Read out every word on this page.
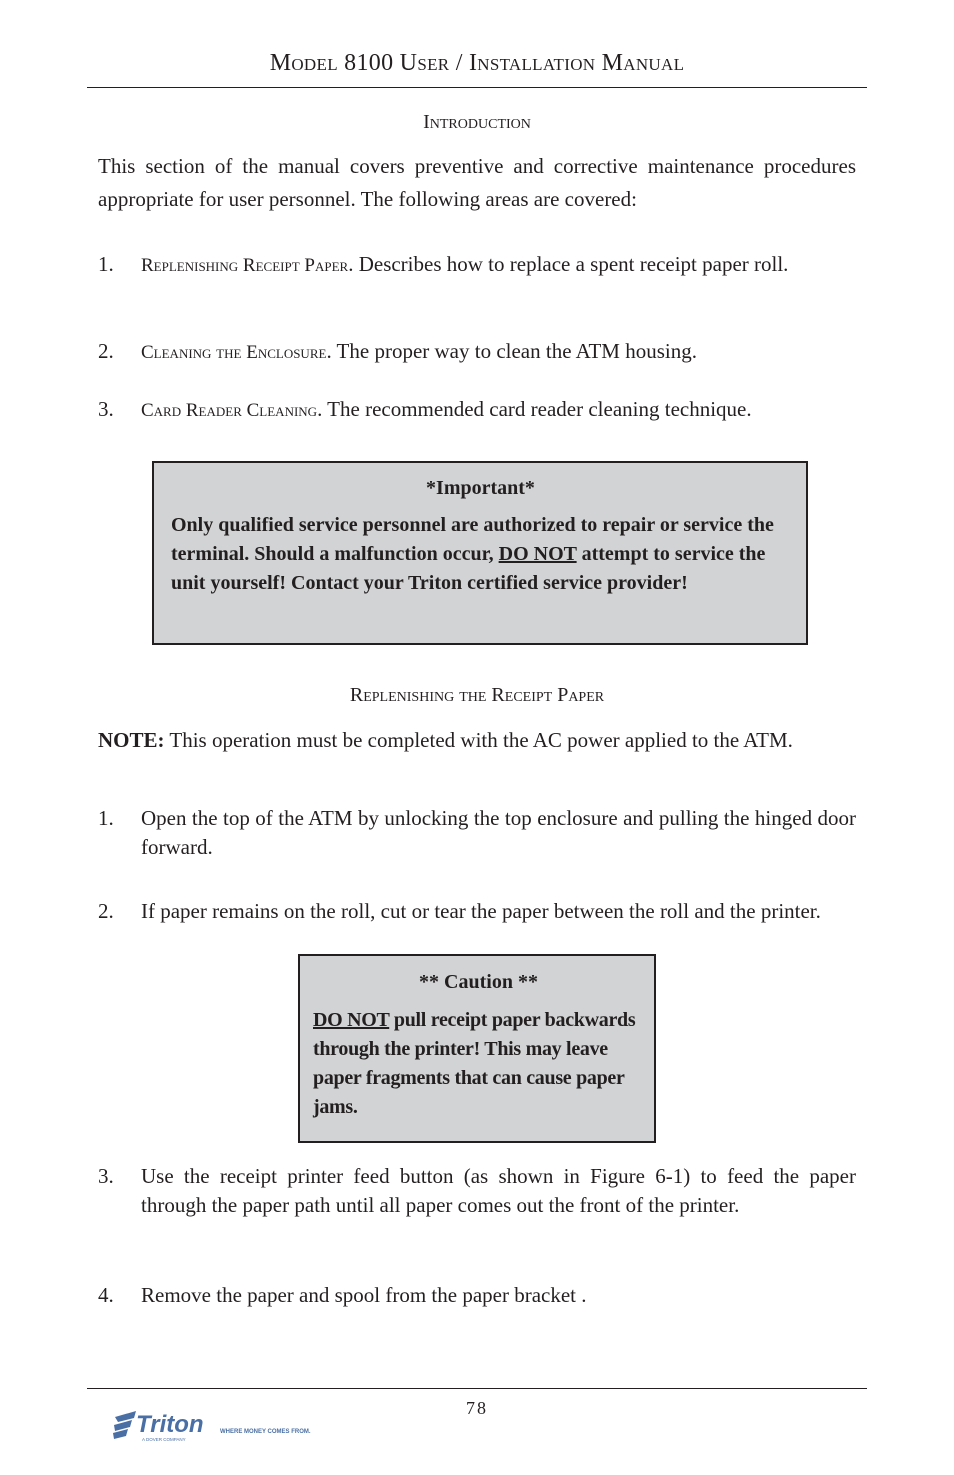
Model 8100 User / Installation Manual
Introduction
This section of the manual covers preventive and corrective maintenance procedures appropriate for user personnel. The following areas are covered:
1. Replenishing Receipt Paper. Describes how to replace a spent receipt paper roll.
2. Cleaning the Enclosure. The proper way to clean the ATM housing.
3. Card Reader Cleaning. The recommended card reader cleaning technique.
*Important*
Only qualified service personnel are authorized to repair or service the terminal. Should a malfunction occur, DO NOT attempt to service the unit yourself! Contact your Triton certified service provider!
Replenishing the Receipt Paper
NOTE: This operation must be completed with the AC power applied to the ATM.
1. Open the top of the ATM by unlocking the top enclosure and pulling the hinged door forward.
2. If paper remains on the roll, cut or tear the paper between the roll and the printer.
** Caution **
DO NOT pull receipt paper backwards through the printer! This may leave paper fragments that can cause paper jams.
3. Use the receipt printer feed button (as shown in Figure 6-1) to feed the paper through the paper path until all paper comes out the front of the printer.
4. Remove the paper and spool from the paper bracket .
78
Triton	WHERE MONEY COMES FROM.
A DOVER COMPANY
